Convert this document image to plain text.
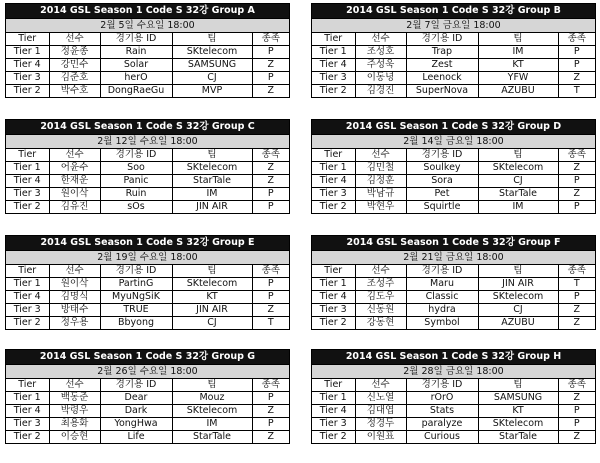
2014 GSL Season 1 Code S 32강 Group A
2월 5일 수요일 18:00
Tier	선수	경기용 ID	팀	종족
Tier 1	정윤종	Rain	SKtelecom	P
Tier 4	강민수	Solar	SAMSUNG	Z
Tier 3	김준호	herO	CJ	P
Tier 2	박수호	DongRaeGu	MVP	Z
2014 GSL Season 1 Code S 32강 Group B
2월 7일 금요일 18:00
Tier	선수	경기용 ID	팀	종족
Tier 1	조성호	Trap	IM	P
Tier 4	주성욱	Zest	KT	P
Tier 3	이동녕	Leenock	YFW	Z
Tier 2	김경진	SuperNova	AZUBU	T
2014 GSL Season 1 Code S 32강 Group C
2월 12일 수요일 18:00
Tier	선수	경기용 ID	팀	종족
Tier 1	어윤수	Soo	SKtelecom	Z
Tier 4	한재운	Panic	StarTale	Z
Tier 3	원이삭	Ruin	IM	P
Tier 2	김유진	sOs	JIN AIR	P
2014 GSL Season 1 Code S 32강 Group D
2월 14일 금요일 18:00
Tier	선수	경기용 ID	팀	종족
Tier 1	김민철	Soulkey	SKtelecom	Z
Tier 4	김정훈	Sora	CJ	P
Tier 3	박남규	Pet	StarTale	Z
Tier 2	박현우	Squirtle	IM	P
2014 GSL Season 1 Code S 32강 Group E
2월 19일 수요일 18:00
Tier	선수	경기용 ID	팀	종족
Tier 1	원이삭	PartinG	SKtelecom	P
Tier 4	김명식	MyuNgSiK	KT	P
Tier 3	방태수	TRUE	JIN AIR	Z
Tier 2	정우용	Bbyong	CJ	T
2014 GSL Season 1 Code S 32강 Group F
2월 21일 금요일 18:00
Tier	선수	경기용 ID	팀	종족
Tier 1	조성주	Maru	JIN AIR	T
Tier 4	김도우	Classic	SKtelecom	P
Tier 3	신동원	hydra	CJ	Z
Tier 2	강동현	Symbol	AZUBU	Z
2014 GSL Season 1 Code S 32강 Group G
2월 26일 수요일 18:00
Tier	선수	경기용 ID	팀	종족
Tier 1	백동준	Dear	Mouz	P
Tier 4	박령우	Dark	SKtelecom	Z
Tier 3	최용화	YongHwa	IM	P
Tier 2	이승현	Life	StarTale	Z
2014 GSL Season 1 Code S 32강 Group H
2월 28일 금요일 18:00
Tier	선수	경기용 ID	팀	종족
Tier 1	신노열	rOrO	SAMSUNG	Z
Tier 4	김대엽	Stats	KT	P
Tier 3	정경두	paralyze	SKtelecom	P
Tier 2	이원표	Curious	StarTale	Z
